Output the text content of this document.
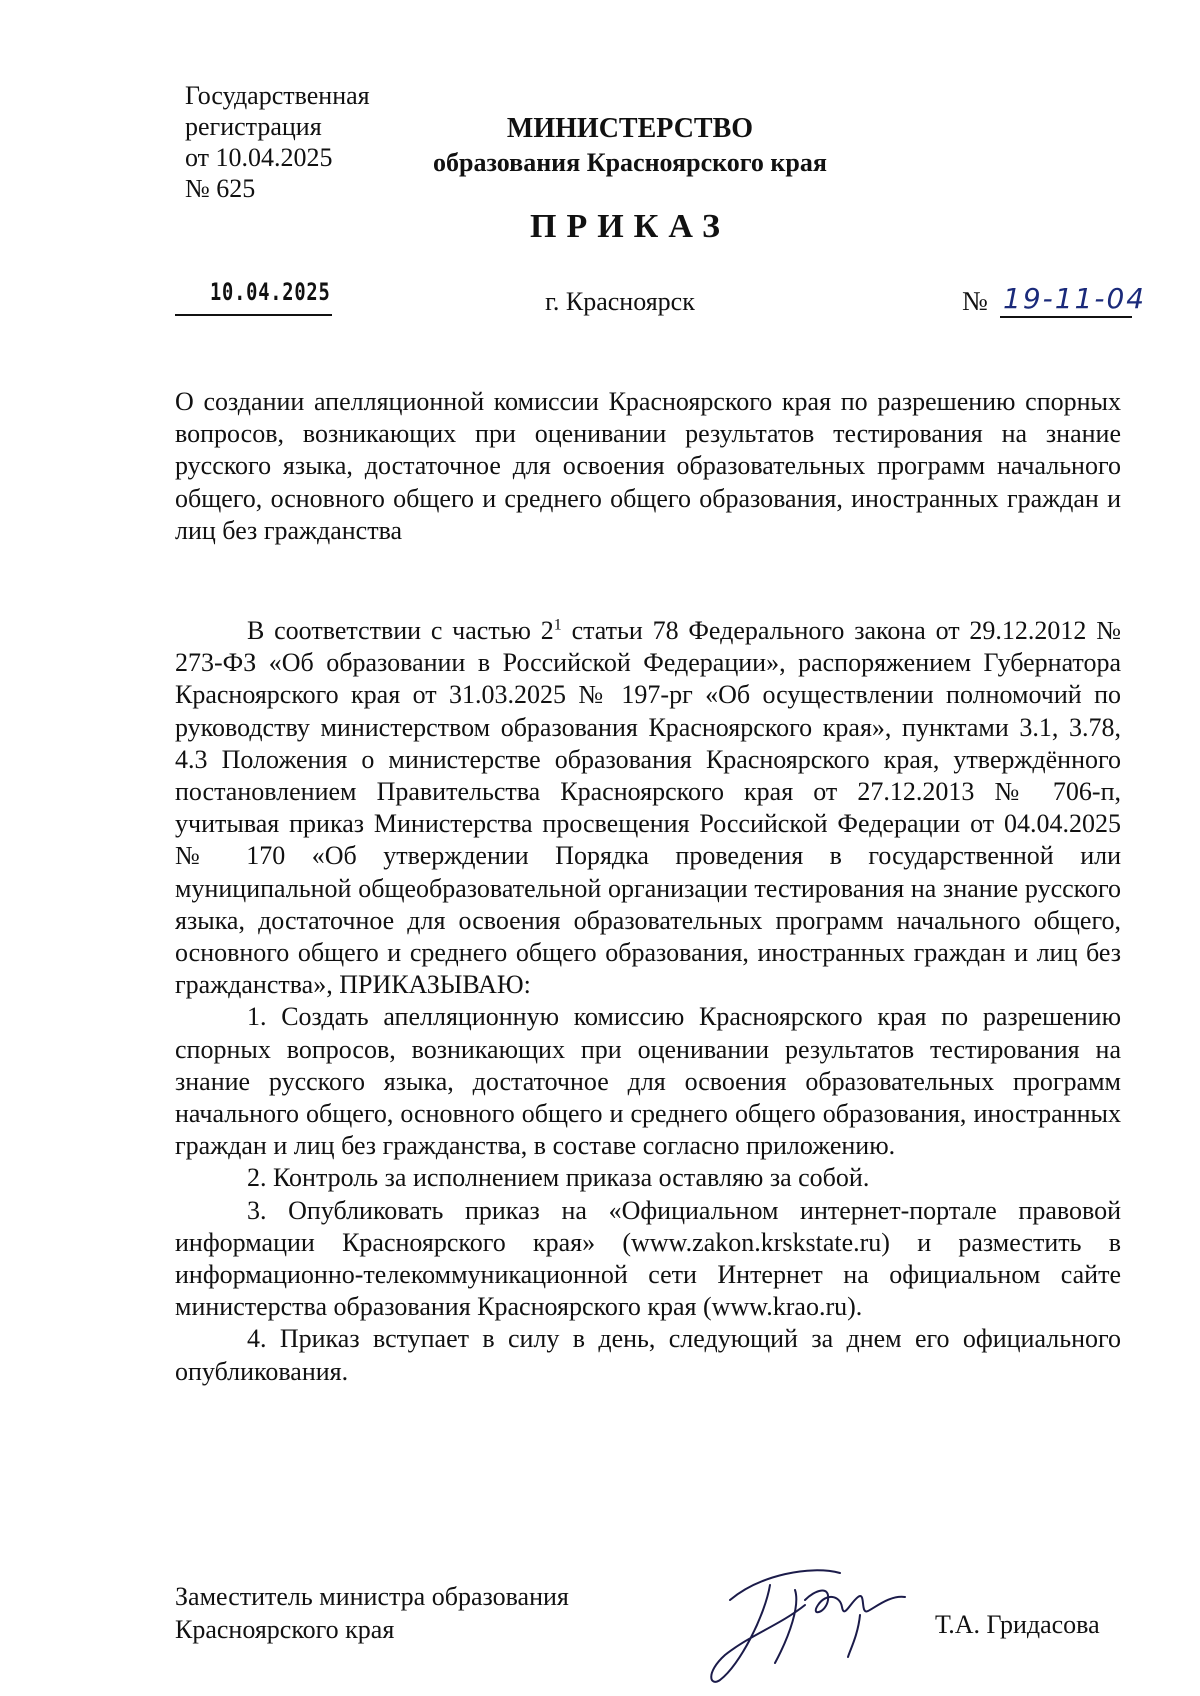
Государственная
регистрация
от 10.04.2025
№ 625
МИНИСТЕРСТВО
образования Красноярского края
ПРИКАЗ
10.04.2025	г. Красноярск	№ 19-11-04
О создании апелляционной комиссии Красноярского края по разрешению спорных вопросов, возникающих при оценивании результатов тестирования на знание русского языка, достаточное для освоения образовательных программ начального общего, основного общего и среднего общего образования, иностранных граждан и лиц без гражданства

В соответствии с частью $2^1$ статьи 78 Федерального закона от 29.12.2012 № 273-ФЗ «Об образовании в Российской Федерации», распоряжением Губернатора Красноярского края от 31.03.2025 № 197-рг «Об осуществлении полномочий по руководству министерством образования Красноярского края», пунктами 3.1, 3.78, 4.3 Положения о министерстве образования Красноярского края, утверждённого постановлением Правительства Красноярского края от 27.12.2013 № 706-п, учитывая приказ Министерства просвещения Российской Федерации от 04.04.2025 № 170 «Об утверждении Порядка проведения в государственной или муниципальной общеобразовательной организации тестирования на знание русского языка, достаточное для освоения образовательных программ начального общего, основного общего и среднего общего образования, иностранных граждан и лиц без гражданства», ПРИКАЗЫВАЮ:

1. Создать апелляционную комиссию Красноярского края по разрешению спорных вопросов, возникающих при оценивании результатов тестирования на знание русского языка, достаточное для освоения образовательных программ начального общего, основного общего и среднего общего образования, иностранных граждан и лиц без гражданства, в составе согласно приложению.

2. Контроль за исполнением приказа оставляю за собой.

3. Опубликовать приказ на «Официальном интернет-портале правовой информации Красноярского края» (www.zakon.krskstate.ru) и разместить в информационно-телекоммуникационной сети Интернет на официальном сайте министерства образования Красноярского края (www.krao.ru).

4. Приказ вступает в силу в день, следующий за днем его официального опубликования.

Заместитель министра образования
Красноярского края	Т.А. Гридасова
